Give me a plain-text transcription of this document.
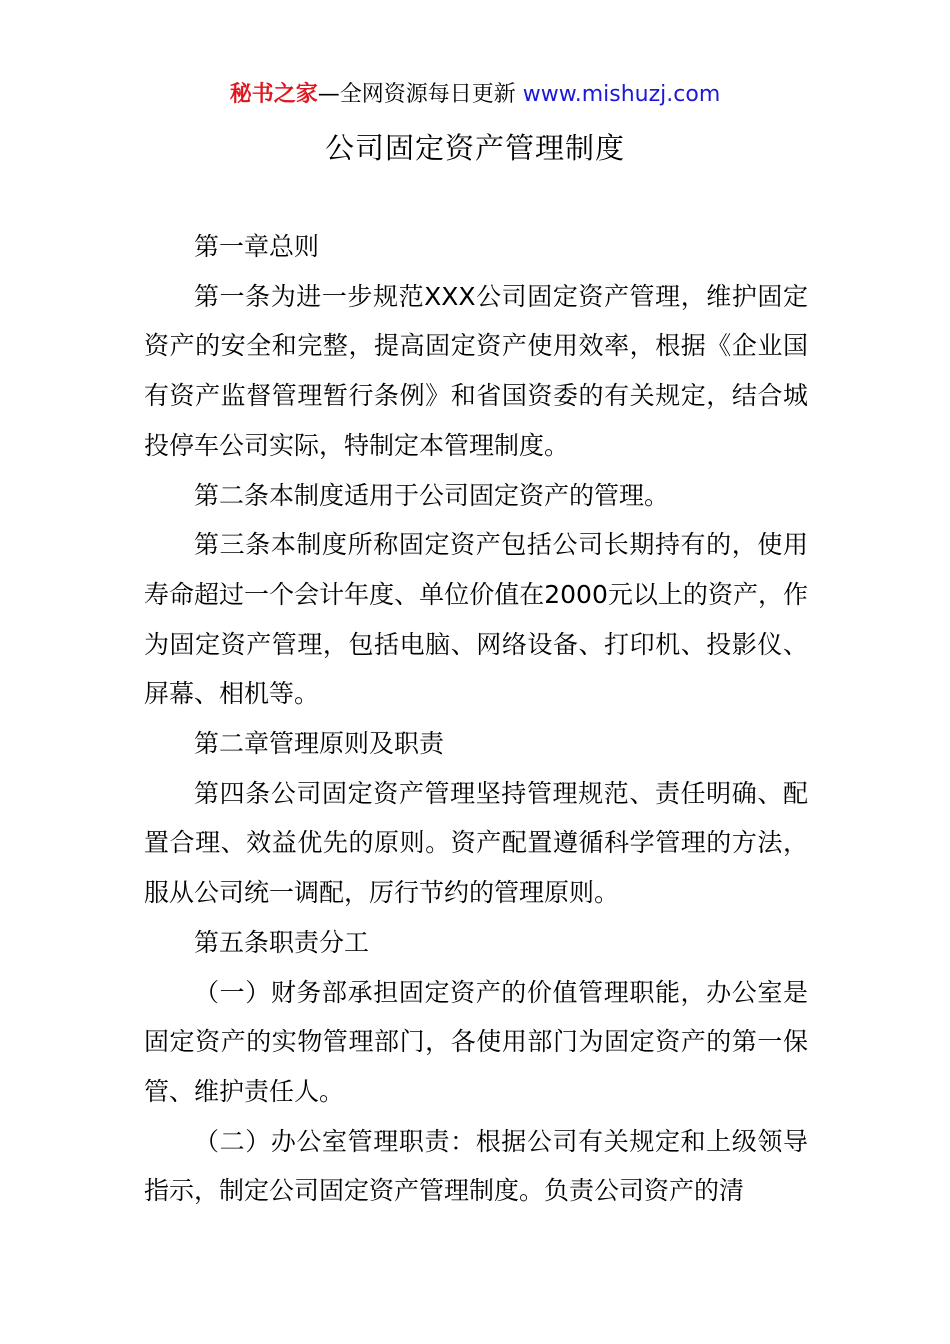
秘书之家—全网资源每日更新 www.mishuzj.com
公司固定资产管理制度

第一章总则

第一条为进一步规范XXX公司固定资产管理，维护固定资产的安全和完整，提高固定资产使用效率，根据《企业国有资产监督管理暂行条例》和省国资委的有关规定，结合城投停车公司实际，特制定本管理制度。

第二条本制度适用于公司固定资产的管理。

第三条本制度所称固定资产包括公司长期持有的，使用寿命超过一个会计年度、单位价值在2000元以上的资产，作为固定资产管理，包括电脑、网络设备、打印机、投影仪、屏幕、相机等。

第二章管理原则及职责

第四条公司固定资产管理坚持管理规范、责任明确、配置合理、效益优先的原则。资产配置遵循科学管理的方法，服从公司统一调配，厉行节约的管理原则。

第五条职责分工

（一）财务部承担固定资产的价值管理职能，办公室是固定资产的实物管理部门，各使用部门为固定资产的第一保管、维护责任人。

（二）办公室管理职责：根据公司有关规定和上级领导指示，制定公司固定资产管理制度。负责公司资产的清
